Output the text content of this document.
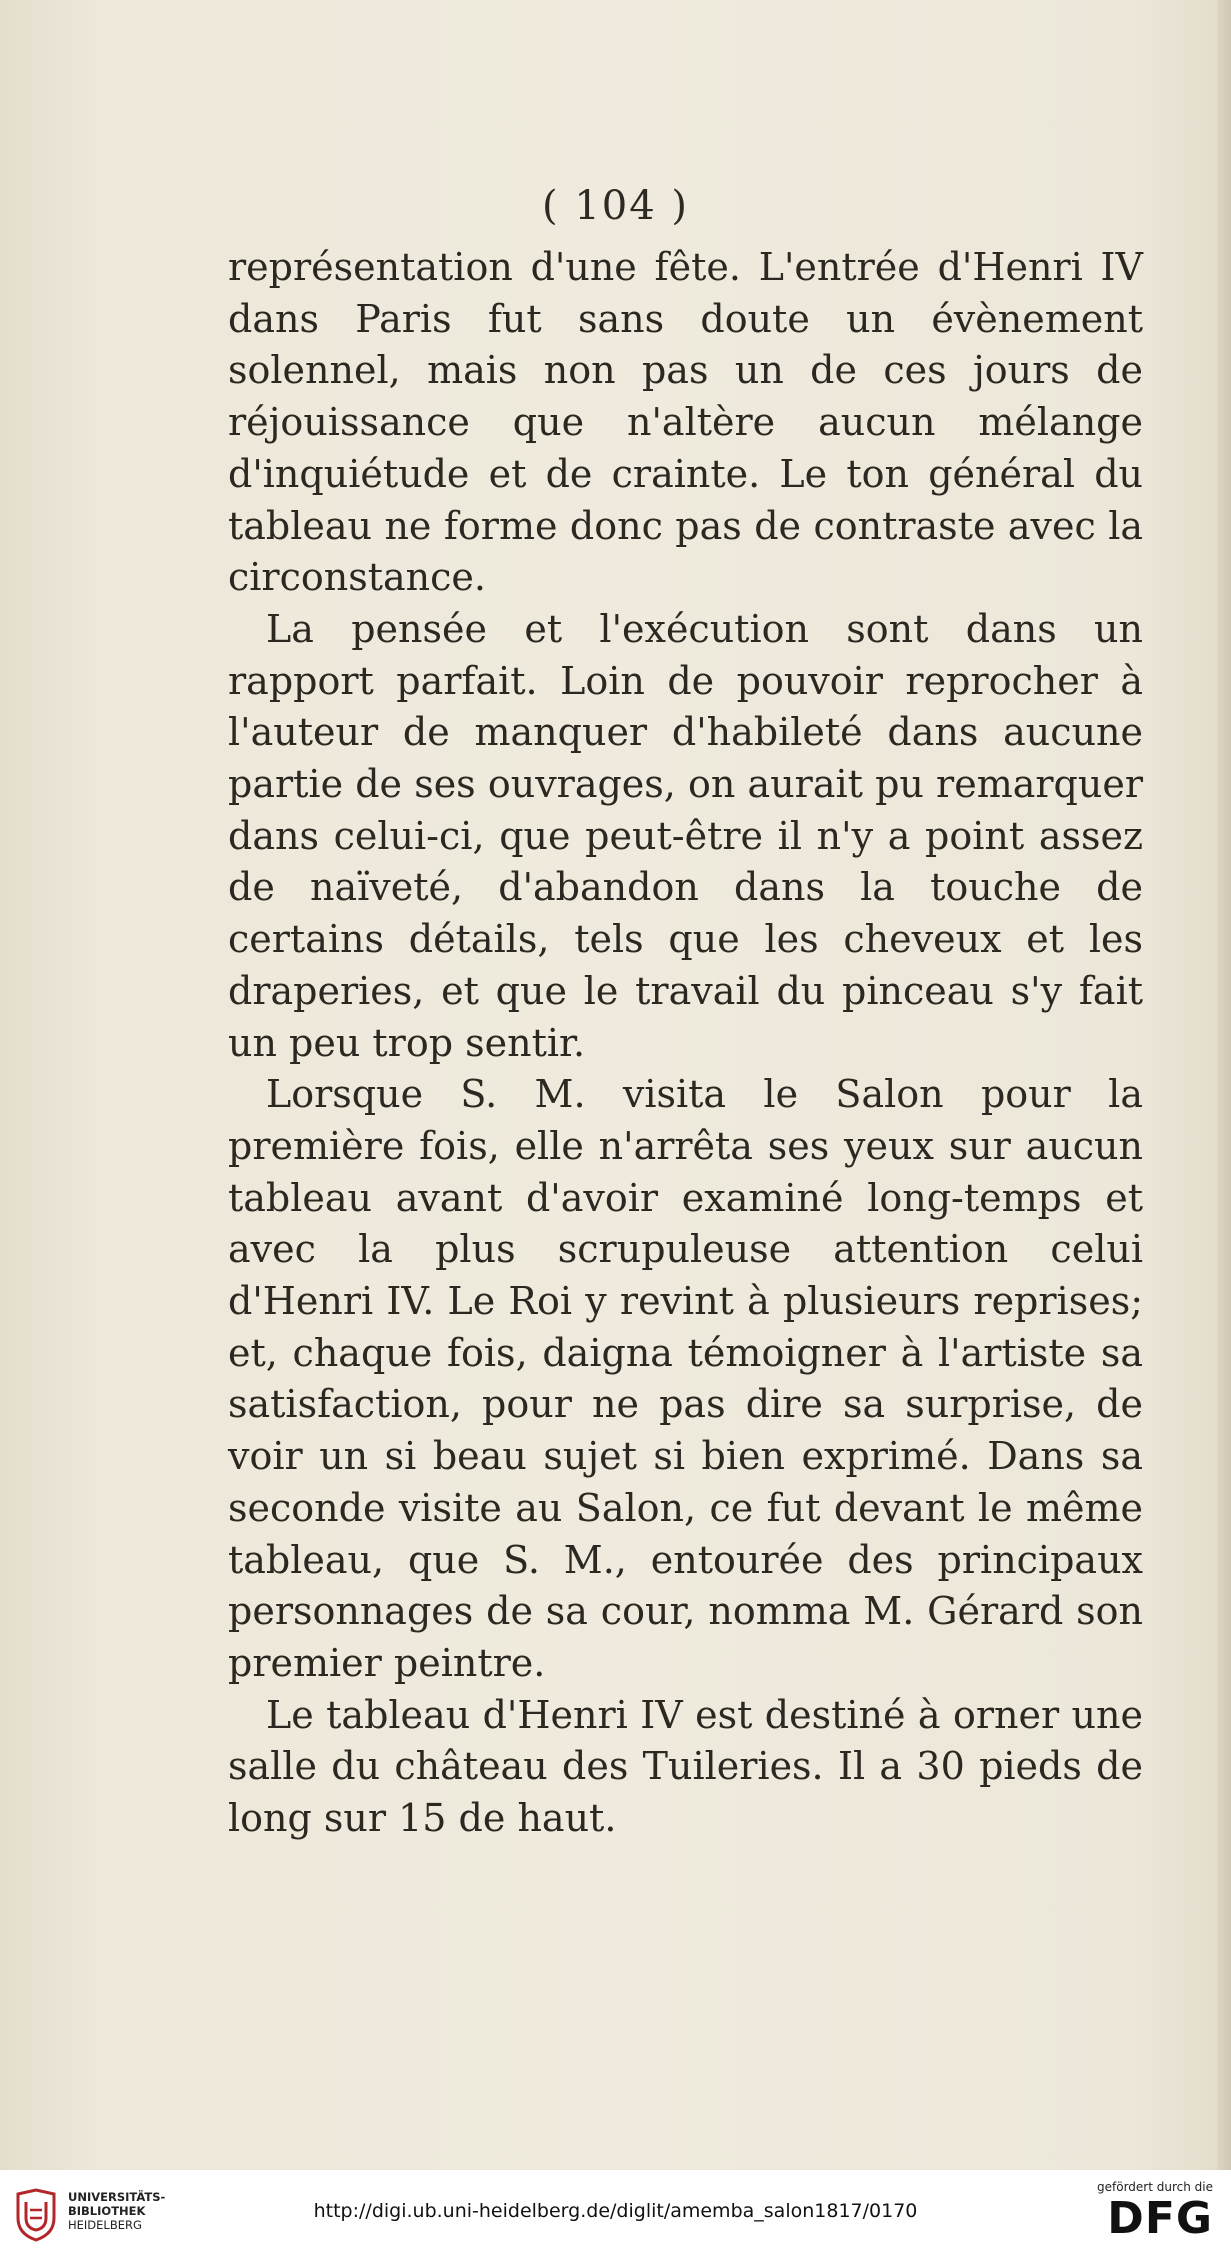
( 104 )

représentation d'une fête. L'entrée d'Henri IV dans Paris fut sans doute un évènement solennel, mais non pas un de ces jours de réjouissance que n'altère aucun mélange d'inquiétude et de crainte. Le ton général du tableau ne forme donc pas de contraste avec la circonstance.

La pensée et l'exécution sont dans un rapport parfait. Loin de pouvoir reprocher à l'auteur de manquer d'habileté dans aucune partie de ses ouvrages, on aurait pu remarquer dans celui-ci, que peut-être il n'y a point assez de naïveté, d'abandon dans la touche de certains détails, tels que les cheveux et les draperies, et que le travail du pinceau s'y fait un peu trop sentir.

Lorsque S. M. visita le Salon pour la première fois, elle n'arrêta ses yeux sur aucun tableau avant d'avoir examiné long-temps et avec la plus scrupuleuse attention celui d'Henri IV. Le Roi y revint à plusieurs reprises; et, chaque fois, daigna témoigner à l'artiste sa satisfaction, pour ne pas dire sa surprise, de voir un si beau sujet si bien exprimé. Dans sa seconde visite au Salon, ce fut devant le même tableau, que S. M., entourée des principaux personnages de sa cour, nomma M. Gérard son premier peintre.

Le tableau d'Henri IV est destiné à orner une salle du château des Tuileries. Il a 30 pieds de long sur 15 de haut.

UNIVERSITÄTS-
BIBLIOTHEK
HEIDELBERG
http://digi.ub.uni-heidelberg.de/diglit/amemba_salon1817/0170
gefördert durch die
DFG
